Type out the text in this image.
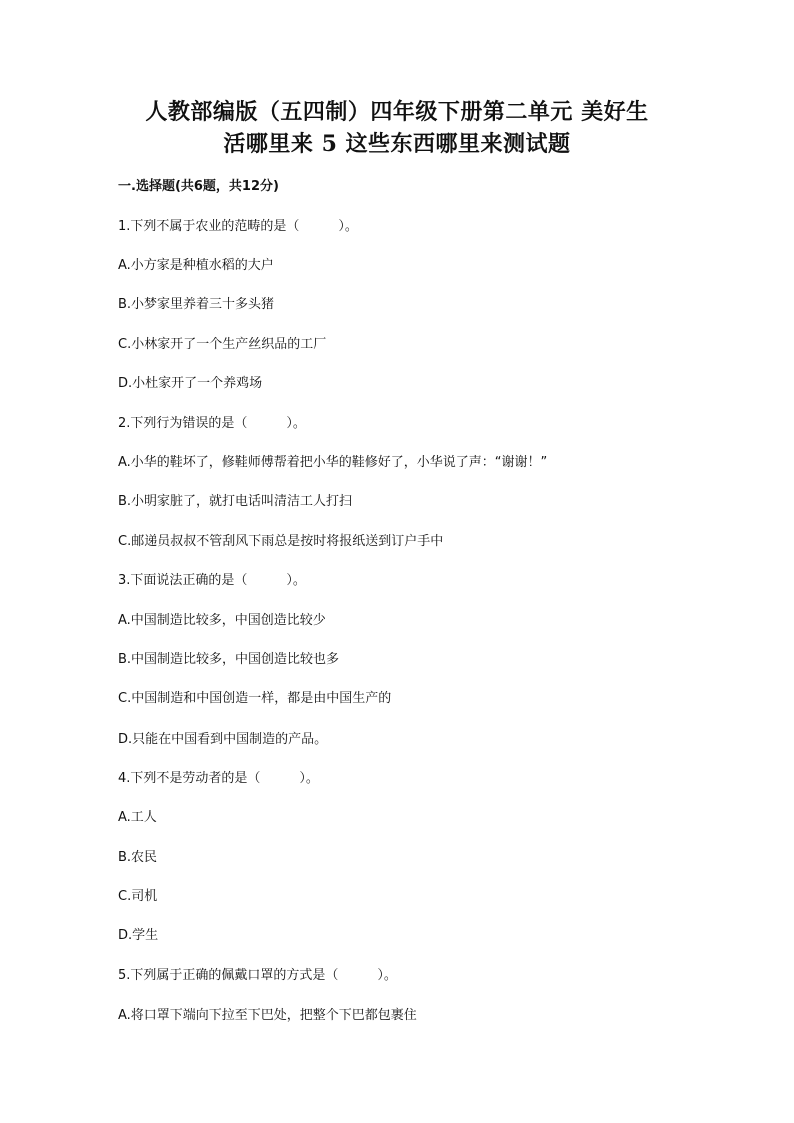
人教部编版（五四制）四年级下册第二单元 美好生
活哪里来 5 这些东西哪里来测试题
一.选择题(共6题，共12分)
1.下列不属于农业的范畴的是（　　　）。
A.小方家是种植水稻的大户
B.小梦家里养着三十多头猪
C.小林家开了一个生产丝织品的工厂
D.小杜家开了一个养鸡场
2.下列行为错误的是（　　　）。
A.小华的鞋坏了，修鞋师傅帮着把小华的鞋修好了，小华说了声：“谢谢！”
B.小明家脏了，就打电话叫清洁工人打扫
C.邮递员叔叔不管刮风下雨总是按时将报纸送到订户手中
3.下面说法正确的是（　　　）。
A.中国制造比较多，中国创造比较少
B.中国制造比较多，中国创造比较也多
C.中国制造和中国创造一样，都是由中国生产的
D.只能在中国看到中国制造的产品。
4.下列不是劳动者的是（　　　）。
A.工人
B.农民
C.司机
D.学生
5.下列属于正确的佩戴口罩的方式是（　　　）。
A.将口罩下端向下拉至下巴处，把整个下巴都包裹住
